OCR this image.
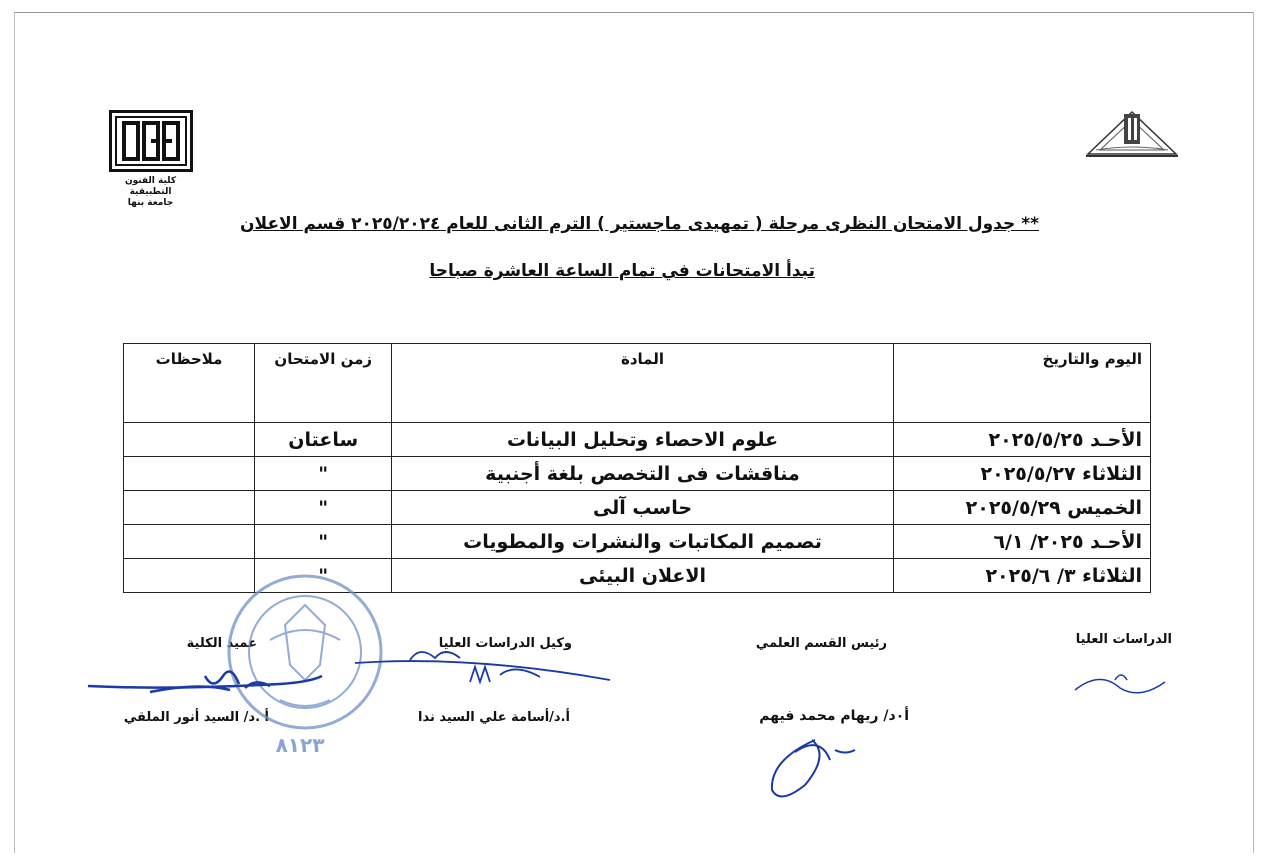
كلية الفنون التطبيقية
جامعة بنها
** جدول الامتحان النظرى مرحلة ( تمهيدى ماجستير ) الترم الثانى للعام ٢٠٢٥/٢٠٢٤ قسم الاعلان
تبدأ الامتحانات في تمام الساعة العاشرة صباحا
اليوم والتاريخ	المادة	زمن الامتحان	ملاحظات
الأحـد ٢٠٢٥/٥/٢٥	علوم الاحصاء وتحليل البيانات	ساعتان	
الثلاثاء ٢٠٢٥/٥/٢٧	مناقشات فى التخصص بلغة أجنبية	"	
الخميس ٢٠٢٥/٥/٢٩	حاسب آلى	"	
الأحـد ٢٠٢٥/ ٦/١	تصميم المكاتبات والنشرات والمطويات	"	
الثلاثاء ٣/ ٢٠٢٥/٦	الاعلان البيئى	"	
الدراسات العليا
رئيس القسم العلمي
وكيل الدراسات العليا
عميد الكلية
أ٠د/ ريهام محمد فيهم
أ.د/أسامة علي السيد ندا
أ .د/ السيد أنور الملقي
٨١٢٣
